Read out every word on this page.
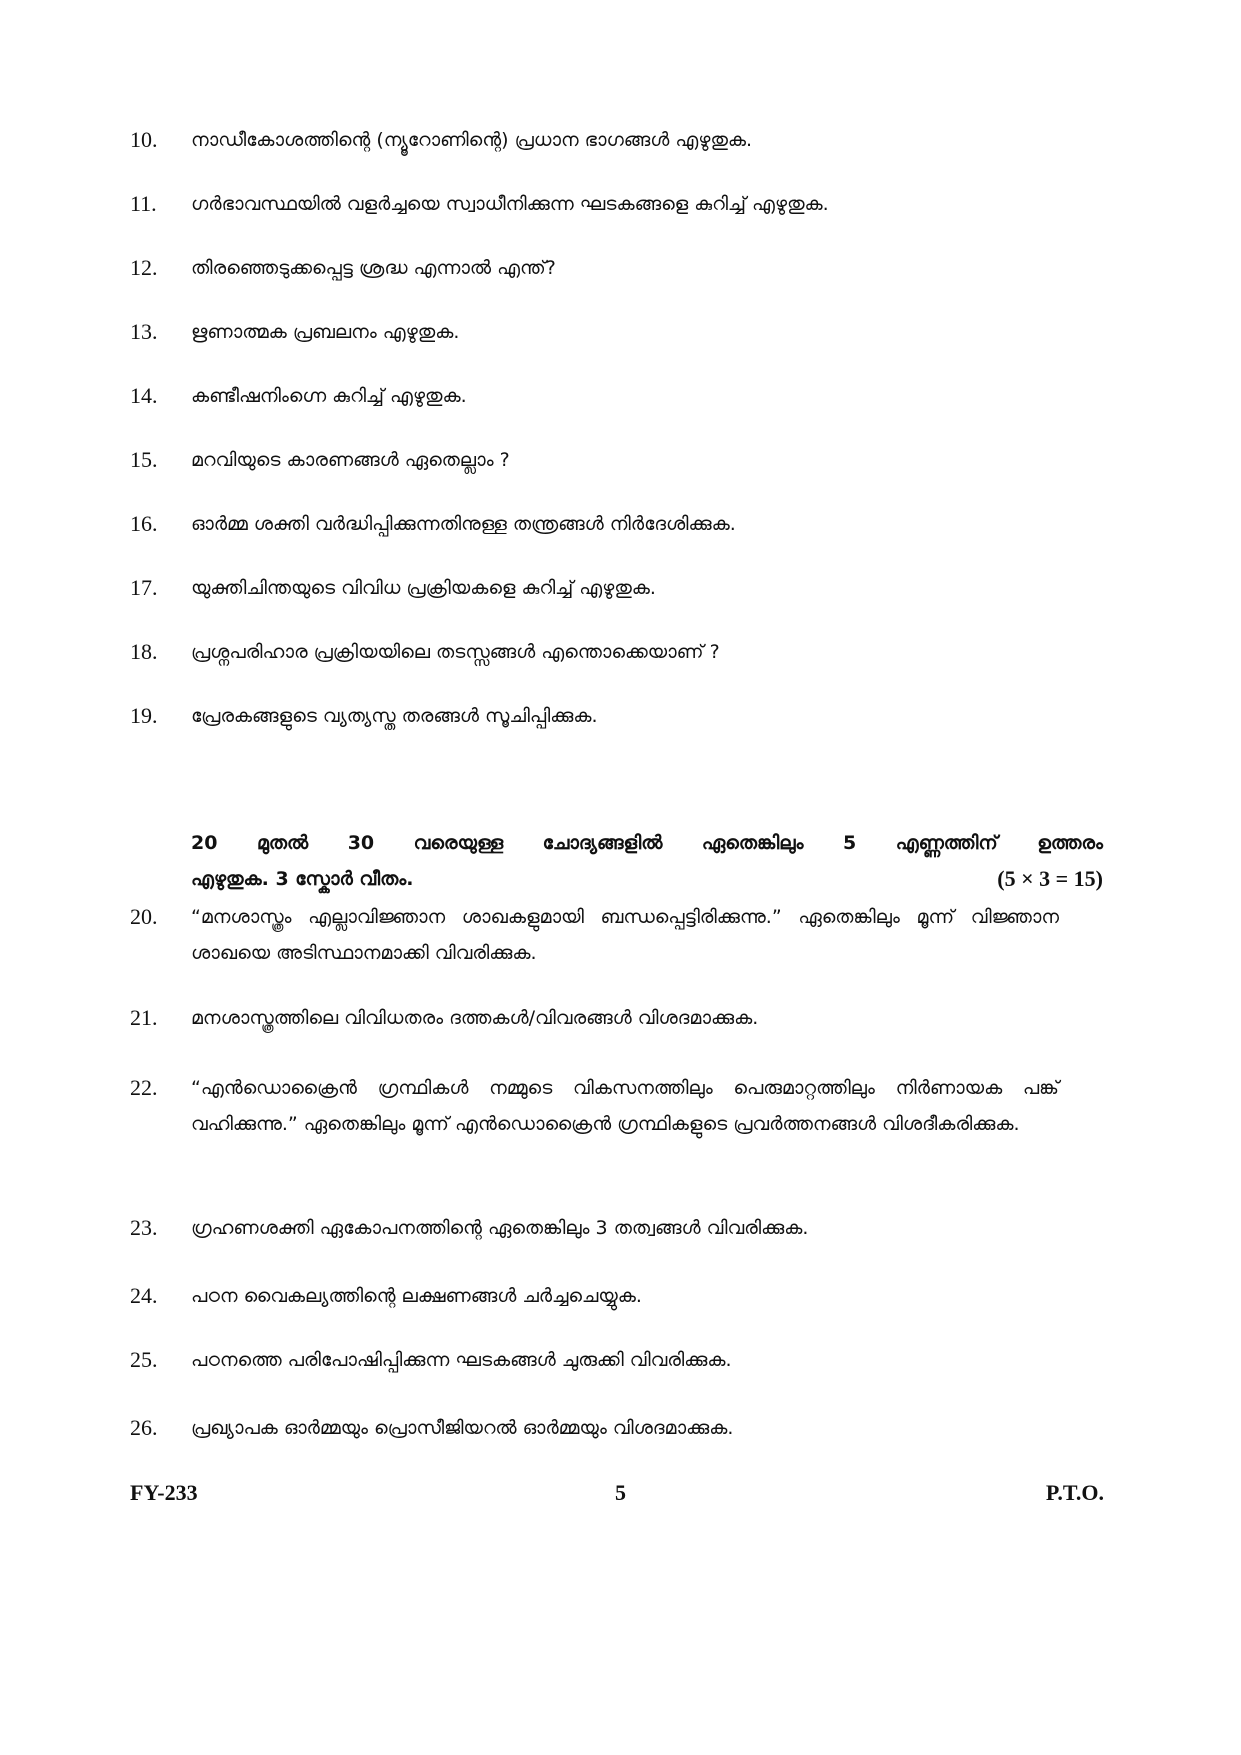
10.	നാഡീകോശത്തിന്റെ (ന്യൂറോണിന്റെ) പ്രധാന ഭാഗങ്ങൾ എഴുതുക.
11.	ഗർഭാവസ്ഥയിൽ വളർച്ചയെ സ്വാധീനിക്കുന്ന ഘടകങ്ങളെ കുറിച്ച് എഴുതുക.
12.	തിരഞ്ഞെടുക്കപ്പെട്ട ശ്രദ്ധ എന്നാൽ എന്ത്?
13.	ഋണാത്മക പ്രബലനം എഴുതുക.
14.	കണ്ടീഷനിംഗ്നെ കുറിച്ച് എഴുതുക.
15.	മറവിയുടെ കാരണങ്ങൾ ഏതെല്ലാം ?
16.	ഓർമ്മ ശക്തി വർദ്ധിപ്പിക്കുന്നതിനുള്ള തന്ത്രങ്ങൾ നിർദേശിക്കുക.
17.	യുക്തിചിന്തയുടെ വിവിധ പ്രക്രിയകളെ കുറിച്ച് എഴുതുക.
18.	പ്രശ്നപരിഹാര പ്രക്രിയയിലെ തടസ്സങ്ങൾ എന്തൊക്കെയാണ് ?
19.	പ്രേരകങ്ങളുടെ വ്യത്യസ്ത തരങ്ങൾ സൂചിപ്പിക്കുക.
20 മുതൽ 30 വരെയുള്ള ചോദ്യങ്ങളിൽ ഏതെങ്കിലും 5 എണ്ണത്തിന് ഉത്തരം
എഴുതുക. 3 സ്കോർ വീതം.	(5 × 3 = 15)
20.	“മനശാസ്ത്രം എല്ലാവിജ്ഞാന ശാഖകളുമായി ബന്ധപ്പെട്ടിരിക്കുന്നു.” ഏതെങ്കിലും മൂന്ന് വിജ്ഞാന ശാഖയെ അടിസ്ഥാനമാക്കി വിവരിക്കുക.
21.	മനശാസ്ത്രത്തിലെ വിവിധതരം ദത്തകൾ/വിവരങ്ങൾ വിശദമാക്കുക.
22.	“എൻഡൊക്രൈൻ ഗ്രന്ഥികൾ നമ്മുടെ വികസനത്തിലും പെരുമാറ്റത്തിലും നിർണായക പങ്ക് വഹിക്കുന്നു.” ഏതെങ്കിലും മൂന്ന് എൻഡൊക്രൈൻ ഗ്രന്ഥികളുടെ പ്രവർത്തനങ്ങൾ വിശദീകരിക്കുക.
23.	ഗ്രഹണശക്തി ഏകോപനത്തിന്റെ ഏതെങ്കിലും 3 തത്വങ്ങൾ വിവരിക്കുക.
24.	പഠന വൈകല്യത്തിന്റെ ലക്ഷണങ്ങൾ ചർച്ചചെയ്യുക.
25.	പഠനത്തെ പരിപോഷിപ്പിക്കുന്ന ഘടകങ്ങൾ ചുരുക്കി വിവരിക്കുക.
26.	പ്രഖ്യാപക ഓർമ്മയും പ്രൊസീജിയറൽ ഓർമ്മയും വിശദമാക്കുക.
FY-233	5	P.T.O.
